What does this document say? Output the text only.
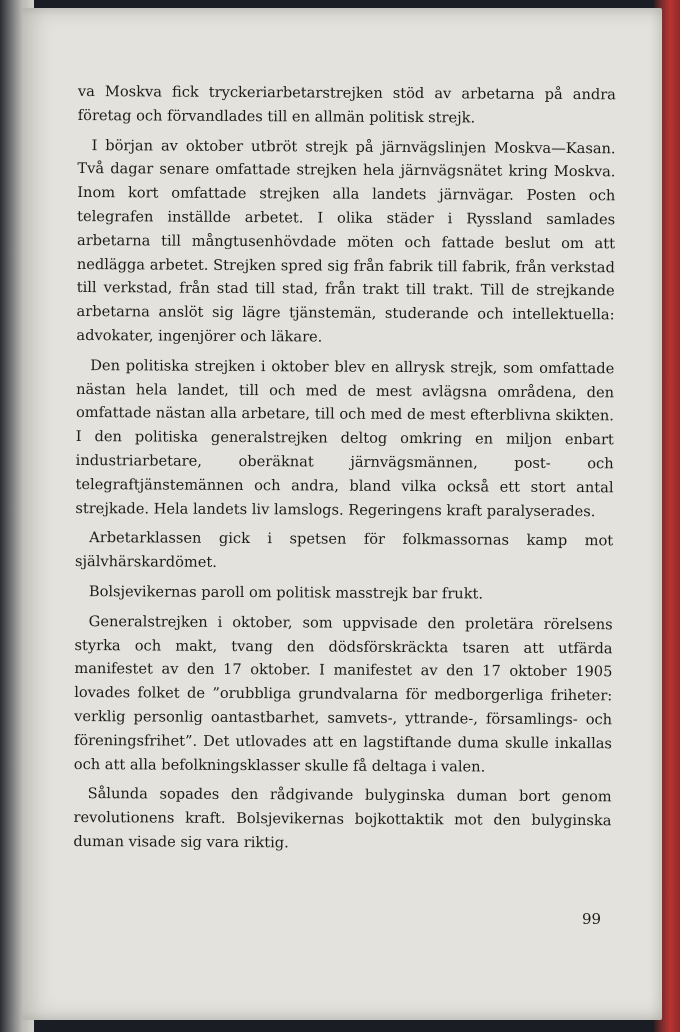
va Moskva fick tryckeriarbetarstrejken stöd av arbetarna på andra företag och förvandlades till en allmän politisk strejk.

I början av oktober utbröt strejk på järnvägslinjen Moskva—Kasan. Två dagar senare omfattade strejken hela järnvägsnätet kring Moskva. Inom kort omfattade strejken alla landets järnvägar. Posten och telegrafen inställde arbetet. I olika städer i Ryssland samlades arbetarna till mångtusenhövdade möten och fattade beslut om att nedlägga arbetet. Strejken spred sig från fabrik till fabrik, från verkstad till verkstad, från stad till stad, från trakt till trakt. Till de strejkande arbetarna anslöt sig lägre tjänstemän, studerande och intellektuella: advokater, ingenjörer och läkare.

Den politiska strejken i oktober blev en allrysk strejk, som omfattade nästan hela landet, till och med de mest avlägsna områdena, den omfattade nästan alla arbetare, till och med de mest efterblivna skikten. I den politiska generalstrejken deltog omkring en miljon enbart industriarbetare, oberäknat järnvägsmännen, post- och telegraftjänstemännen och andra, bland vilka också ett stort antal strejkade. Hela landets liv lamslogs. Regeringens kraft paralyserades.

Arbetarklassen gick i spetsen för folkmassornas kamp mot självhärskardömet.

Bolsjevikernas paroll om politisk masstrejk bar frukt.

Generalstrejken i oktober, som uppvisade den proletära rörelsens styrka och makt, tvang den dödsförskräckta tsaren att utfärda manifestet av den 17 oktober. I manifestet av den 17 oktober 1905 lovades folket de ”orubbliga grundvalarna för medborgerliga friheter: verklig personlig oantastbarhet, samvets-, yttrande-, församlings- och föreningsfrihet”. Det utlovades att en lagstiftande duma skulle inkallas och att alla befolkningsklasser skulle få deltaga i valen.

Sålunda sopades den rådgivande bulyginska duman bort genom revolutionens kraft. Bolsjevikernas bojkottaktik mot den bulyginska duman visade sig vara riktig.

99
